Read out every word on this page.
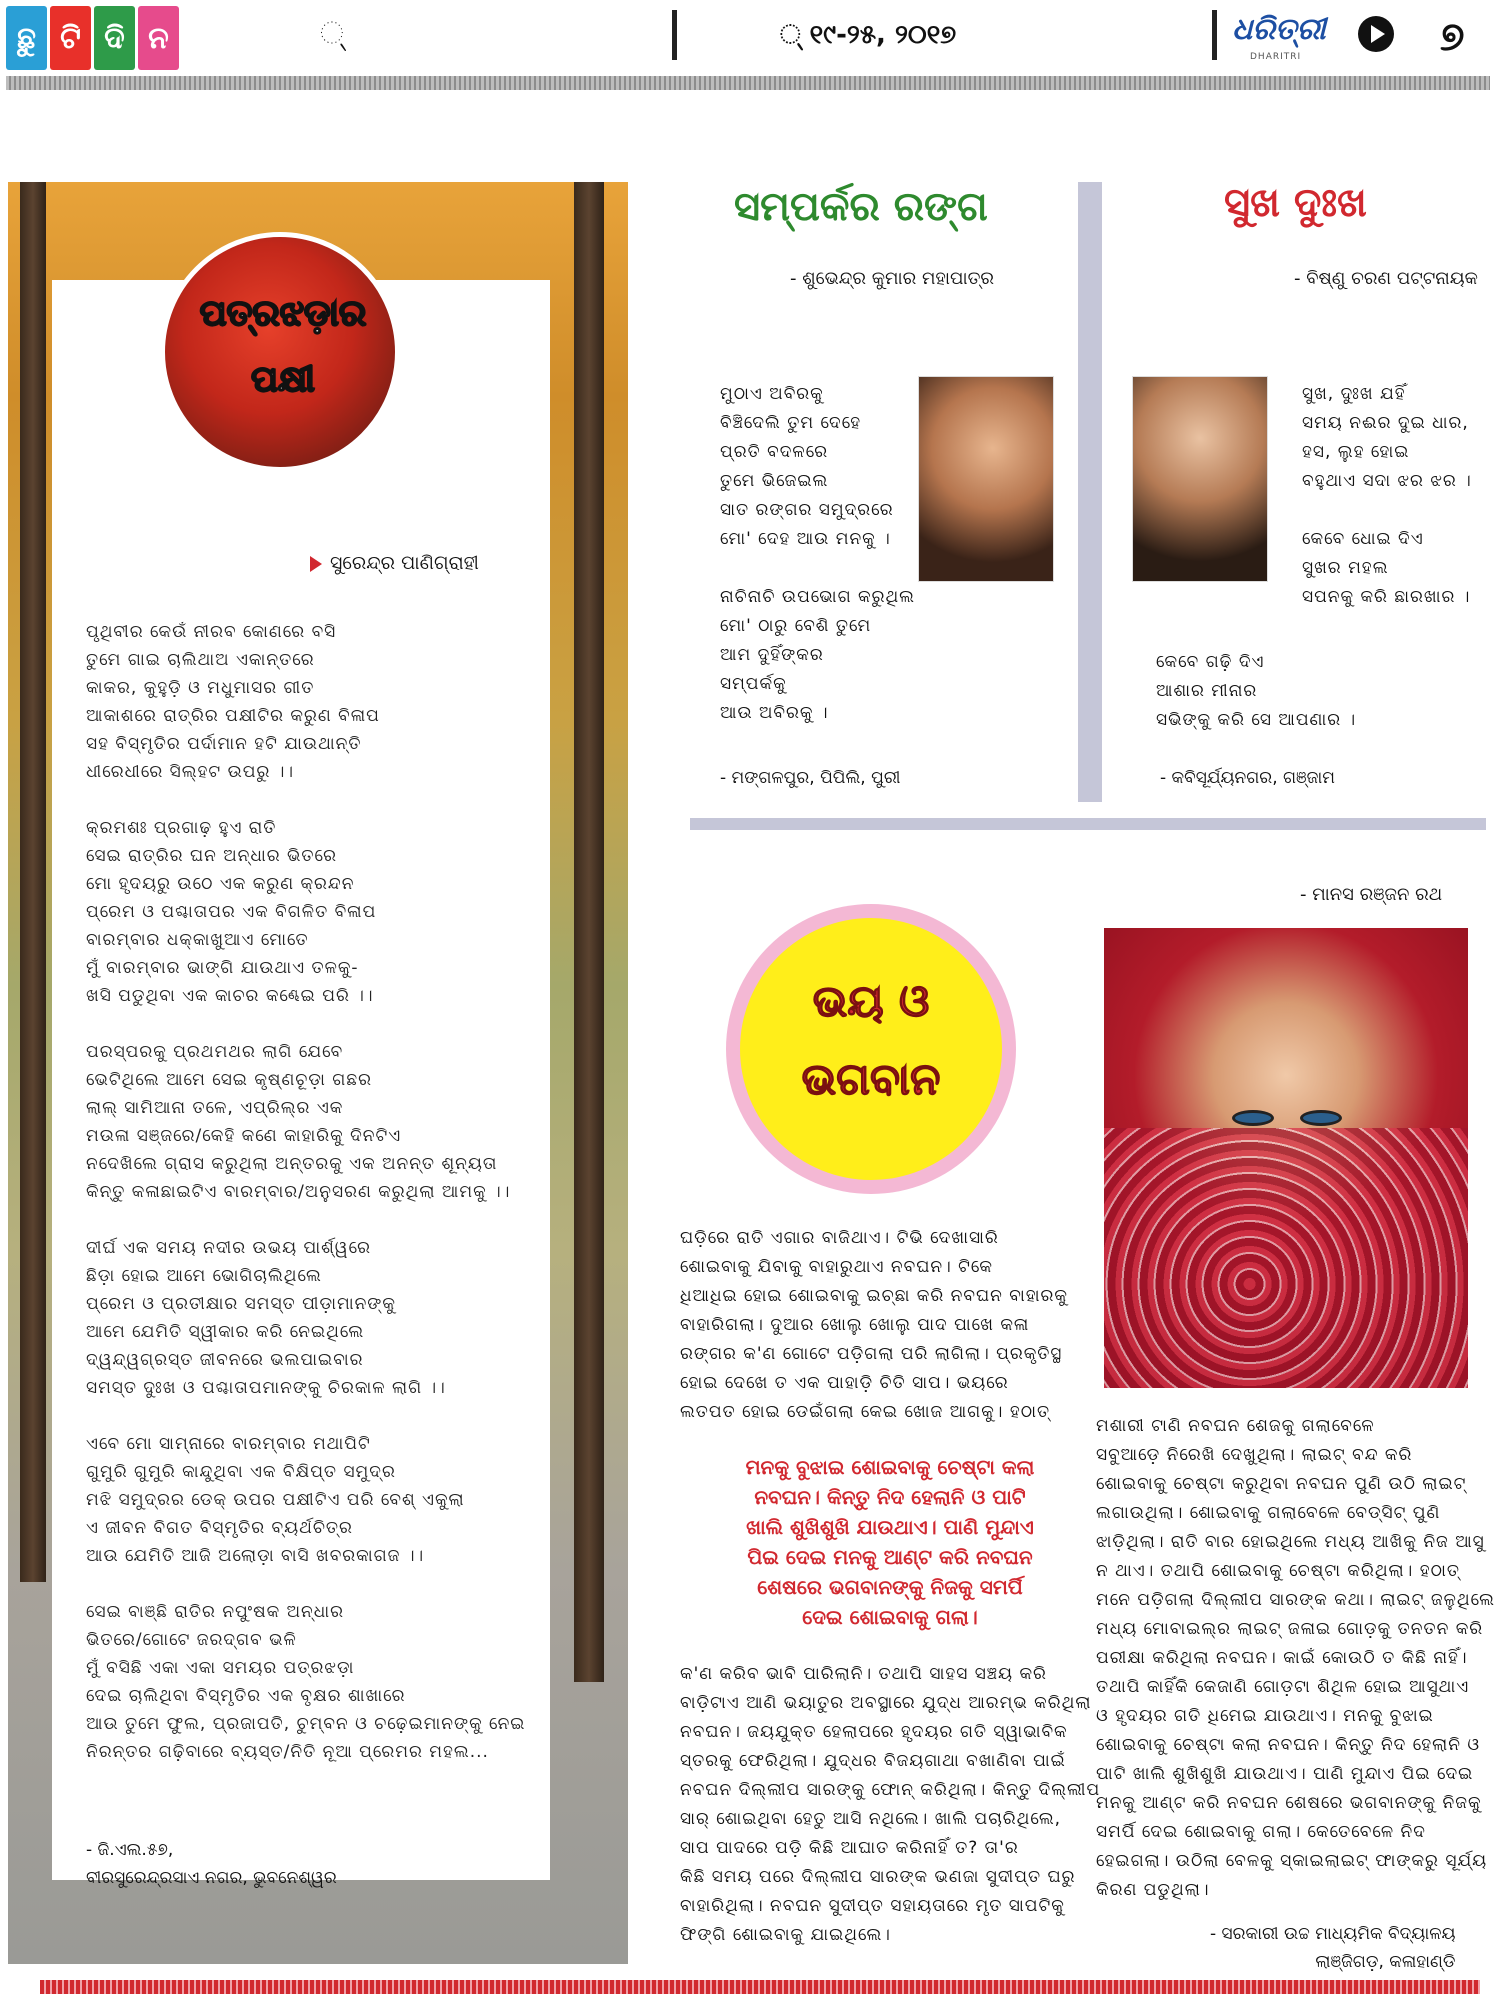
ଛୁ ଟି ଦି ନ	୍	୍ ୧୯-୨୫, ୨୦୧୭	ଧରିତ୍ରୀ
DHARITRI	୭
ପତ୍ରଝଡ଼ାର
ପକ୍ଷୀ
ସୁରେନ୍ଦ୍ର ପାଣିଗ୍ରାହୀ
ପୃଥିବୀର କେଉଁ ନୀରବ କୋଣରେ ବସି
ତୁମେ ଗାଇ ଚାଲିଥାଅ ଏକାନ୍ତରେ
କାକର, କୁହୁଡ଼ି ଓ ମଧୁମାସର ଗୀତ
ଆକାଶରେ ରାତ୍ରିର ପକ୍ଷୀଟିର କରୁଣ ବିଳାପ
ସହ ବିସ୍ମୃତିର ପର୍ଦାମାନ ହଟି ଯାଉଥାନ୍ତି
ଧୀରେଧୀରେ ସିଲ୍‌ହଟ ଉପରୁ ।।
କ୍ରମଶଃ ପ୍ରଗାଢ଼ ହୁଏ ରାତି
ସେଇ ରାତ୍ରିର ଘନ ଅନ୍ଧାର ଭିତରେ
ମୋ ହୃଦୟରୁ ଉଠେ ଏକ କରୁଣ କ୍ରନ୍ଦନ
ପ୍ରେମ ଓ ପଶ୍ଚାତାପର ଏକ ବିଗଳିତ ବିଳାପ
ବାରମ୍ବାର ଧକ୍କାଖୁଆଏ ମୋତେ
ମୁଁ ବାରମ୍ବାର ଭାଙ୍ଗି ଯାଉଥାଏ ତଳକୁ-
ଖସି ପଡୁଥିବା ଏକ କାଚର କଣ୍ଢେଇ ପରି ।।
ପରସ୍ପରକୁ ପ୍ରଥମଥର ଲାଗି ଯେବେ
ଭେଟିଥିଲେ ଆମେ ସେଇ କୃଷ୍ଣଚୂଡ଼ା ଗଛର
ଲାଲ୍ ସାମିଆନା ତଳେ, ଏପ୍ରିଲ୍‌ର ଏକ
ମଉଳା ସଞ୍ଜରେ/କେହି କଣେ କାହାରିକୁ ଦିନଟିଏ
ନଦେଖିଲେ ଗ୍ରାସ କରୁଥିଲା ଅନ୍ତରକୁ ଏକ ଅନନ୍ତ ଶୂନ୍ୟତା
କିନ୍ତୁ କଳାଛାଇଟିଏ ବାରମ୍ବାର/ଅନୁସରଣ କରୁଥିଲା ଆମକୁ ।।
ଦୀର୍ଘ ଏକ ସମୟ ନଦୀର ଉଭୟ ପାର୍ଶ୍ୱରେ
ଛିଡ଼ା ହୋଇ ଆମେ ଭୋଗିଚାଲିଥିଲେ
ପ୍ରେମ ଓ ପ୍ରତୀକ୍ଷାର ସମସ୍ତ ପୀଡ଼ାମାନଙ୍କୁ
ଆମେ ଯେମିତି ସ୍ୱୀକାର କରି ନେଇଥିଲେ
ଦ୍ୱନ୍ଦ୍ୱଗ୍ରସ୍ତ ଜୀବନରେ ଭଲପାଇବାର
ସମସ୍ତ ଦୁଃଖ ଓ ପଶ୍ଚାତାପମାନଙ୍କୁ ଚିରକାଳ ଲାଗି ।।
ଏବେ ମୋ ସାମ୍ନାରେ ବାରମ୍ବାର ମଥାପିଟି
ଗୁମୁରି ଗୁମୁରି କାନ୍ଦୁଥିବା ଏକ ବିକ୍ଷିପ୍ତ ସମୁଦ୍ର
ମଝି ସମୁଦ୍ରର ଡେକ୍ ଉପର ପକ୍ଷୀଟିଏ ପରି ବେଶ୍ ଏକୁଲା
ଏ ଜୀବନ ବିଗତ ବିସ୍ମୃତିର ବ୍ୟର୍ଥଚିତ୍ର
ଆଉ ଯେମିତି ଆଜି ଅଲୋଡ଼ା ବାସି ଖବରକାଗଜ ।।
ସେଇ ବାଞ୍ଛି ରାତିର ନପୁଂଷକ ଅନ୍ଧାର
ଭିତରେ/ଗୋଟେ ଜରଦ୍‌ଗବ ଭଳି
ମୁଁ ବସିଛି ଏକା ଏକା ସମୟର ପତ୍ରଝଡ଼ା
ଦେଇ ଚାଲିଥିବା ବିସ୍ମୃତିର ଏକ ବୃକ୍ଷର ଶାଖାରେ
ଆଉ ତୁମେ ଫୁଲ, ପ୍ରଜାପତି, ଚୁମ୍ବନ ଓ ଚଢ଼େଇମାନଙ୍କୁ ନେଇ
ନିରନ୍ତର ଗଢ଼ିବାରେ ବ୍ୟସ୍ତ/ନିତି ନୂଆ ପ୍ରେମର ମହଲ...
- ଜି.ଏଲ.୫୭,
ବୀରସୁରେନ୍ଦ୍ରସାଏ ନଗର, ଭୁବନେଶ୍ୱର
ସମ୍ପର୍କର ରଙ୍ଗ
- ଶୁଭେନ୍ଦ୍ର କୁମାର ମହାପାତ୍ର
ମୁଠାଏ ଅବିରକୁ
ବିଞ୍ଚିଦେଲି ତୁମ ଦେହେ
ପ୍ରତି ବଦଳରେ
ତୁମେ ଭିଜେଇଲ
ସାତ ରଙ୍ଗର ସମୁଦ୍ରରେ
ମୋ' ଦେହ ଆଉ ମନକୁ ।
ନାଚିନାଚି ଉପଭୋଗ କରୁଥିଲ
ମୋ' ଠାରୁ ବେଶି ତୁମେ
ଆମ ଦୁହିଁଙ୍କର
ସମ୍ପର୍କକୁ
ଆଉ ଅବିରକୁ ।
- ମଙ୍ଗଳପୁର, ପିପିଲି, ପୁରୀ
ସୁଖ ଦୁଃଖ
- ବିଷ୍ଣୁ ଚରଣ ପଟ୍ଟନାୟକ
ସୁଖ, ଦୁଃଖ ଯହିଁ
ସମୟ ନଈର ଦୁଇ ଧାର,
ହସ, ଲୁହ ହୋଇ
ବହୁଥାଏ ସଦା ଝର ଝର ।
କେବେ ଧୋଇ ଦିଏ
ସୁଖର ମହଲ
ସପନକୁ କରି ଛାରଖାର ।
କେବେ ଗଢ଼ି ଦିଏ
ଆଶାର ମୀନାର
ସଭିଙ୍କୁ କରି ସେ ଆପଣାର ।
- କବିସୂର୍ଯ୍ୟନଗର, ଗଞ୍ଜାମ
- ମାନସ ରଞ୍ଜନ ରଥ
ଭୟ ଓ
ଭଗବାନ
ଘଡ଼ିରେ ରାତି ଏଗାର ବାଜିଥାଏ। ଟିଭି ଦେଖାସାରି
ଶୋଇବାକୁ ଯିବାକୁ ବାହାରୁଥାଏ ନବଘନ। ଟିକେ
ଧିଆଧିଇ ହୋଇ ଶୋଇବାକୁ ଇଚ୍ଛା କରି ନବଘନ ବାହାରକୁ
ବାହାରିଗଲା। ଦୁଆର ଖୋଲୁ ଖୋଲୁ ପାଦ ପାଖେ କଳା
ରଙ୍ଗର କ'ଣ ଗୋଟେ ପଡ଼ିଗଲା ପରି ଲାଗିଲା। ପ୍ରକୃତିସ୍ଥ
ହୋଇ ଦେଖେ ତ ଏକ ପାହାଡ଼ି ଚିତି ସାପ। ଭୟରେ
ଲତପତ ହୋଇ ଡେଇଁଗଲା କେଇ ଖୋଜ ଆଗକୁ। ହଠାତ୍
ମନକୁ ବୁଝାଇ ଶୋଇବାକୁ ଚେଷ୍ଟା କଲା
ନବଘନ। କିନ୍ତୁ ନିଦ ହେଲାନି ଓ ପାଟି
ଖାଲି ଶୁଖିଶୁଖି ଯାଉଥାଏ। ପାଣି ମୁନ୍ଦାଏ
ପିଇ ଦେଇ ମନକୁ ଆଣ୍ଟ କରି ନବଘନ
ଶେଷରେ ଭଗବାନଙ୍କୁ ନିଜକୁ ସମର୍ପି
ଦେଇ ଶୋଇବାକୁ ଗଲା।
କ'ଣ କରିବ ଭାବି ପାରିଲାନି। ତଥାପି ସାହସ ସଞ୍ଚୟ କରି
ବାଡ଼ିଟାଏ ଆଣି ଭୟାତୁର ଅବସ୍ଥାରେ ଯୁଦ୍ଧ ଆରମ୍ଭ କରିଥିଲା
ନବଘନ। ଜୟଯୁକ୍ତ ହେଲାପରେ ହୃଦୟର ଗତି ସ୍ୱାଭାବିକ
ସ୍ତରକୁ ଫେରିଥିଲା। ଯୁଦ୍ଧର ବିଜୟଗାଥା ବଖାଣିବା ପାଇଁ
ନବଘନ ଦିଲ୍ଲୀପ ସାରଙ୍କୁ ଫୋନ୍ କରିଥିଲା। କିନ୍ତୁ ଦିଲ୍ଲୀପ
ସାର୍ ଶୋଇଥିବା ହେତୁ ଆସି ନଥିଲେ। ଖାଲି ପଚାରିଥିଲେ,
ସାପ ପାଦରେ ପଡ଼ି କିଛି ଆଘାତ କରିନାହିଁ ତ? ତା'ର
କିଛି ସମୟ ପରେ ଦିଲ୍ଲୀପ ସାରଙ୍କ ଭଣଜା ସୁଦୀପ୍ତ ଘରୁ
ବାହାରିଥିଲା। ନବଘନ ସୁଦୀପ୍ତ ସହାୟତାରେ ମୃତ ସାପଟିକୁ
ଫିଙ୍ଗି ଶୋଇବାକୁ ଯାଇଥିଲେ।
ମଶାରୀ ଟାଣି ନବଘନ ଶେଜକୁ ଗଲାବେଳେ
ସବୁଆଡ଼େ ନିରେଖି ଦେଖୁଥିଲା। ଲାଇଟ୍ ବନ୍ଦ କରି
ଶୋଇବାକୁ ଚେଷ୍ଟା କରୁଥିବା ନବଘନ ପୁଣି ଉଠି ଲାଇଟ୍
ଲଗାଉଥିଲା। ଶୋଇବାକୁ ଗଲାବେଳେ ବେଡ୍‌ସିଟ୍ ପୁଣି
ଝାଡ଼ିଥିଲା। ରାତି ବାର ହୋଇଥିଲେ ମଧ୍ୟ ଆଖିକୁ ନିଜ ଆସୁ
ନ ଥାଏ। ତଥାପି ଶୋଇବାକୁ ଚେଷ୍ଟା କରିଥିଲା। ହଠାତ୍
ମନେ ପଡ଼ିଗଲା ଦିଲ୍ଲୀପ ସାରଙ୍କ କଥା। ଲାଇଟ୍ ଜଳୁଥିଲେ
ମଧ୍ୟ ମୋବାଇଲ୍‌ର ଲାଇଟ୍ ଜଳାଇ ଗୋଡ଼କୁ ତନତନ କରି
ପରୀକ୍ଷା କରିଥିଲା ନବଘନ। କାଇଁ କୋଉଠି ତ କିଛି ନାହିଁ।
ତଥାପି କାହିଁକି କେଜାଣି ଗୋଡ଼ଟା ଶିଥିଳ ହୋଇ ଆସୁଥାଏ
ଓ ହୃଦୟର ଗତି ଧିମେଇ ଯାଉଥାଏ। ମନକୁ ବୁଝାଇ
ଶୋଇବାକୁ ଚେଷ୍ଟା କଲା ନବଘନ। କିନ୍ତୁ ନିଦ ହେଲାନି ଓ
ପାଟି ଖାଲି ଶୁଖିଶୁଖି ଯାଉଥାଏ। ପାଣି ମୁନ୍ଦାଏ ପିଇ ଦେଇ
ମନକୁ ଆଣ୍ଟ କରି ନବଘନ ଶେଷରେ ଭଗବାନଙ୍କୁ ନିଜକୁ
ସମର୍ପି ଦେଇ ଶୋଇବାକୁ ଗଲା। କେତେବେଳେ ନିଦ
ହେଇଗଲା। ଉଠିଲା ବେଳକୁ ସ୍କାଇଲାଇଟ୍ ଫାଙ୍କରୁ ସୂର୍ଯ୍ୟ
କିରଣ ପଡୁଥିଲା।
- ସରକାରୀ ଉଚ୍ଚ ମାଧ୍ୟମିକ ବିଦ୍ୟାଳୟ
ଲାଞ୍ଜିଗଡ଼, କଳାହାଣ୍ଡି
